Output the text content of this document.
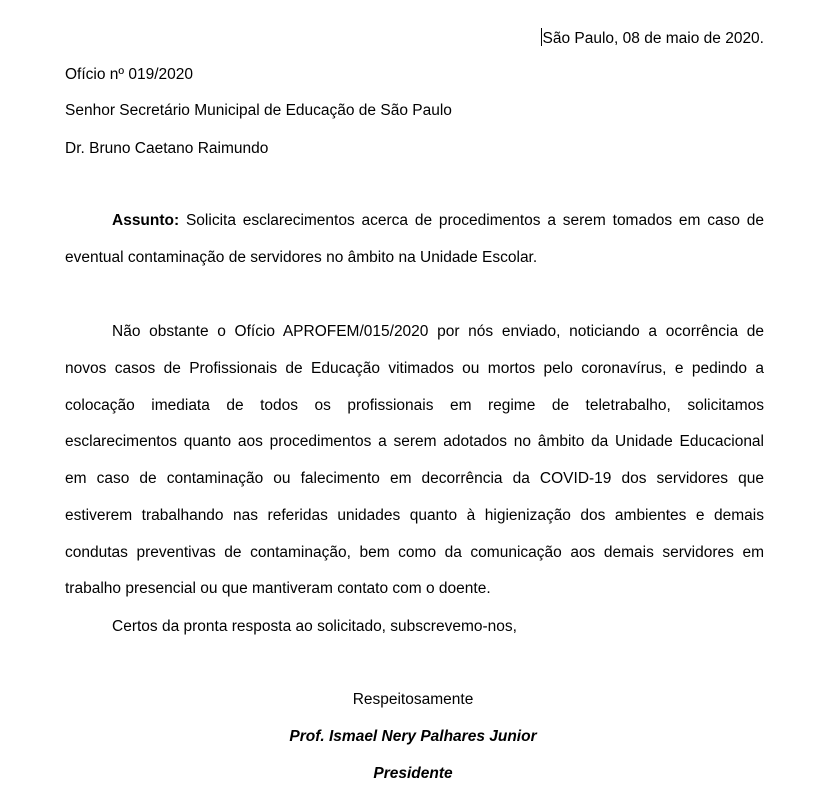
São Paulo, 08 de maio de 2020.
Ofício nº 019/2020
Senhor Secretário Municipal de Educação de São Paulo
Dr. Bruno Caetano Raimundo
Assunto: Solicita esclarecimentos acerca de procedimentos a serem tomados em caso de
eventual contaminação de servidores no âmbito na Unidade Escolar.
Não obstante o Ofício APROFEM/015/2020 por nós enviado, noticiando a ocorrência de
novos casos de Profissionais de Educação vitimados ou mortos pelo coronavírus, e pedindo a
colocação imediata de todos os profissionais em regime de teletrabalho, solicitamos
esclarecimentos quanto aos procedimentos a serem adotados no âmbito da Unidade Educacional
em caso de contaminação ou falecimento em decorrência da COVID-19 dos servidores que
estiverem trabalhando nas referidas unidades quanto à higienização dos ambientes e demais
condutas preventivas de contaminação, bem como da comunicação aos demais servidores em
trabalho presencial ou que mantiveram contato com o doente.
Certos da pronta resposta ao solicitado, subscrevemo-nos,
Respeitosamente
Prof. Ismael Nery Palhares Junior
Presidente
